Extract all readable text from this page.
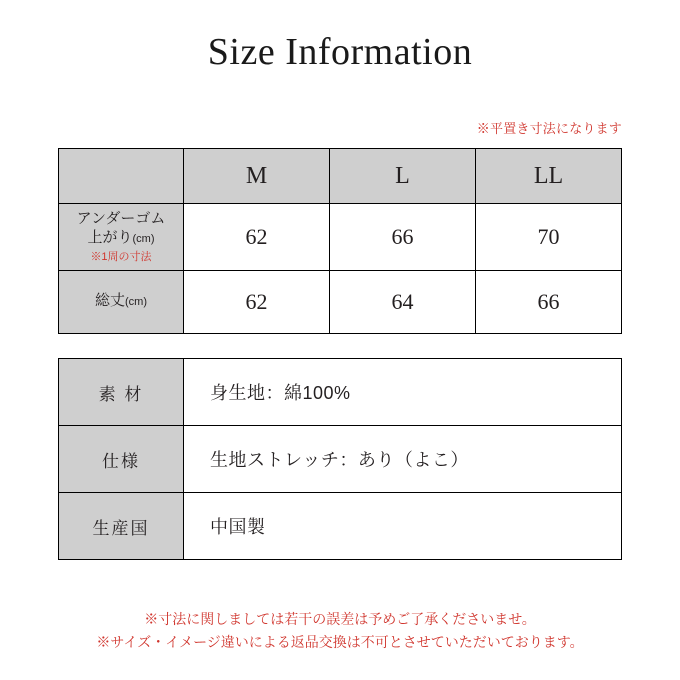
Size Information
※平置き寸法になります
	M	L	LL
アンダーゴム
上がり(cm)
※1周の寸法	62	66	70
総丈(cm)	62	64	66
素 材	身生地：綿100%
仕様	生地ストレッチ：あり（よこ）
生産国	中国製
※寸法に関しましては若干の誤差は予めご了承くださいませ。
※サイズ・イメージ違いによる返品交換は不可とさせていただいております。
